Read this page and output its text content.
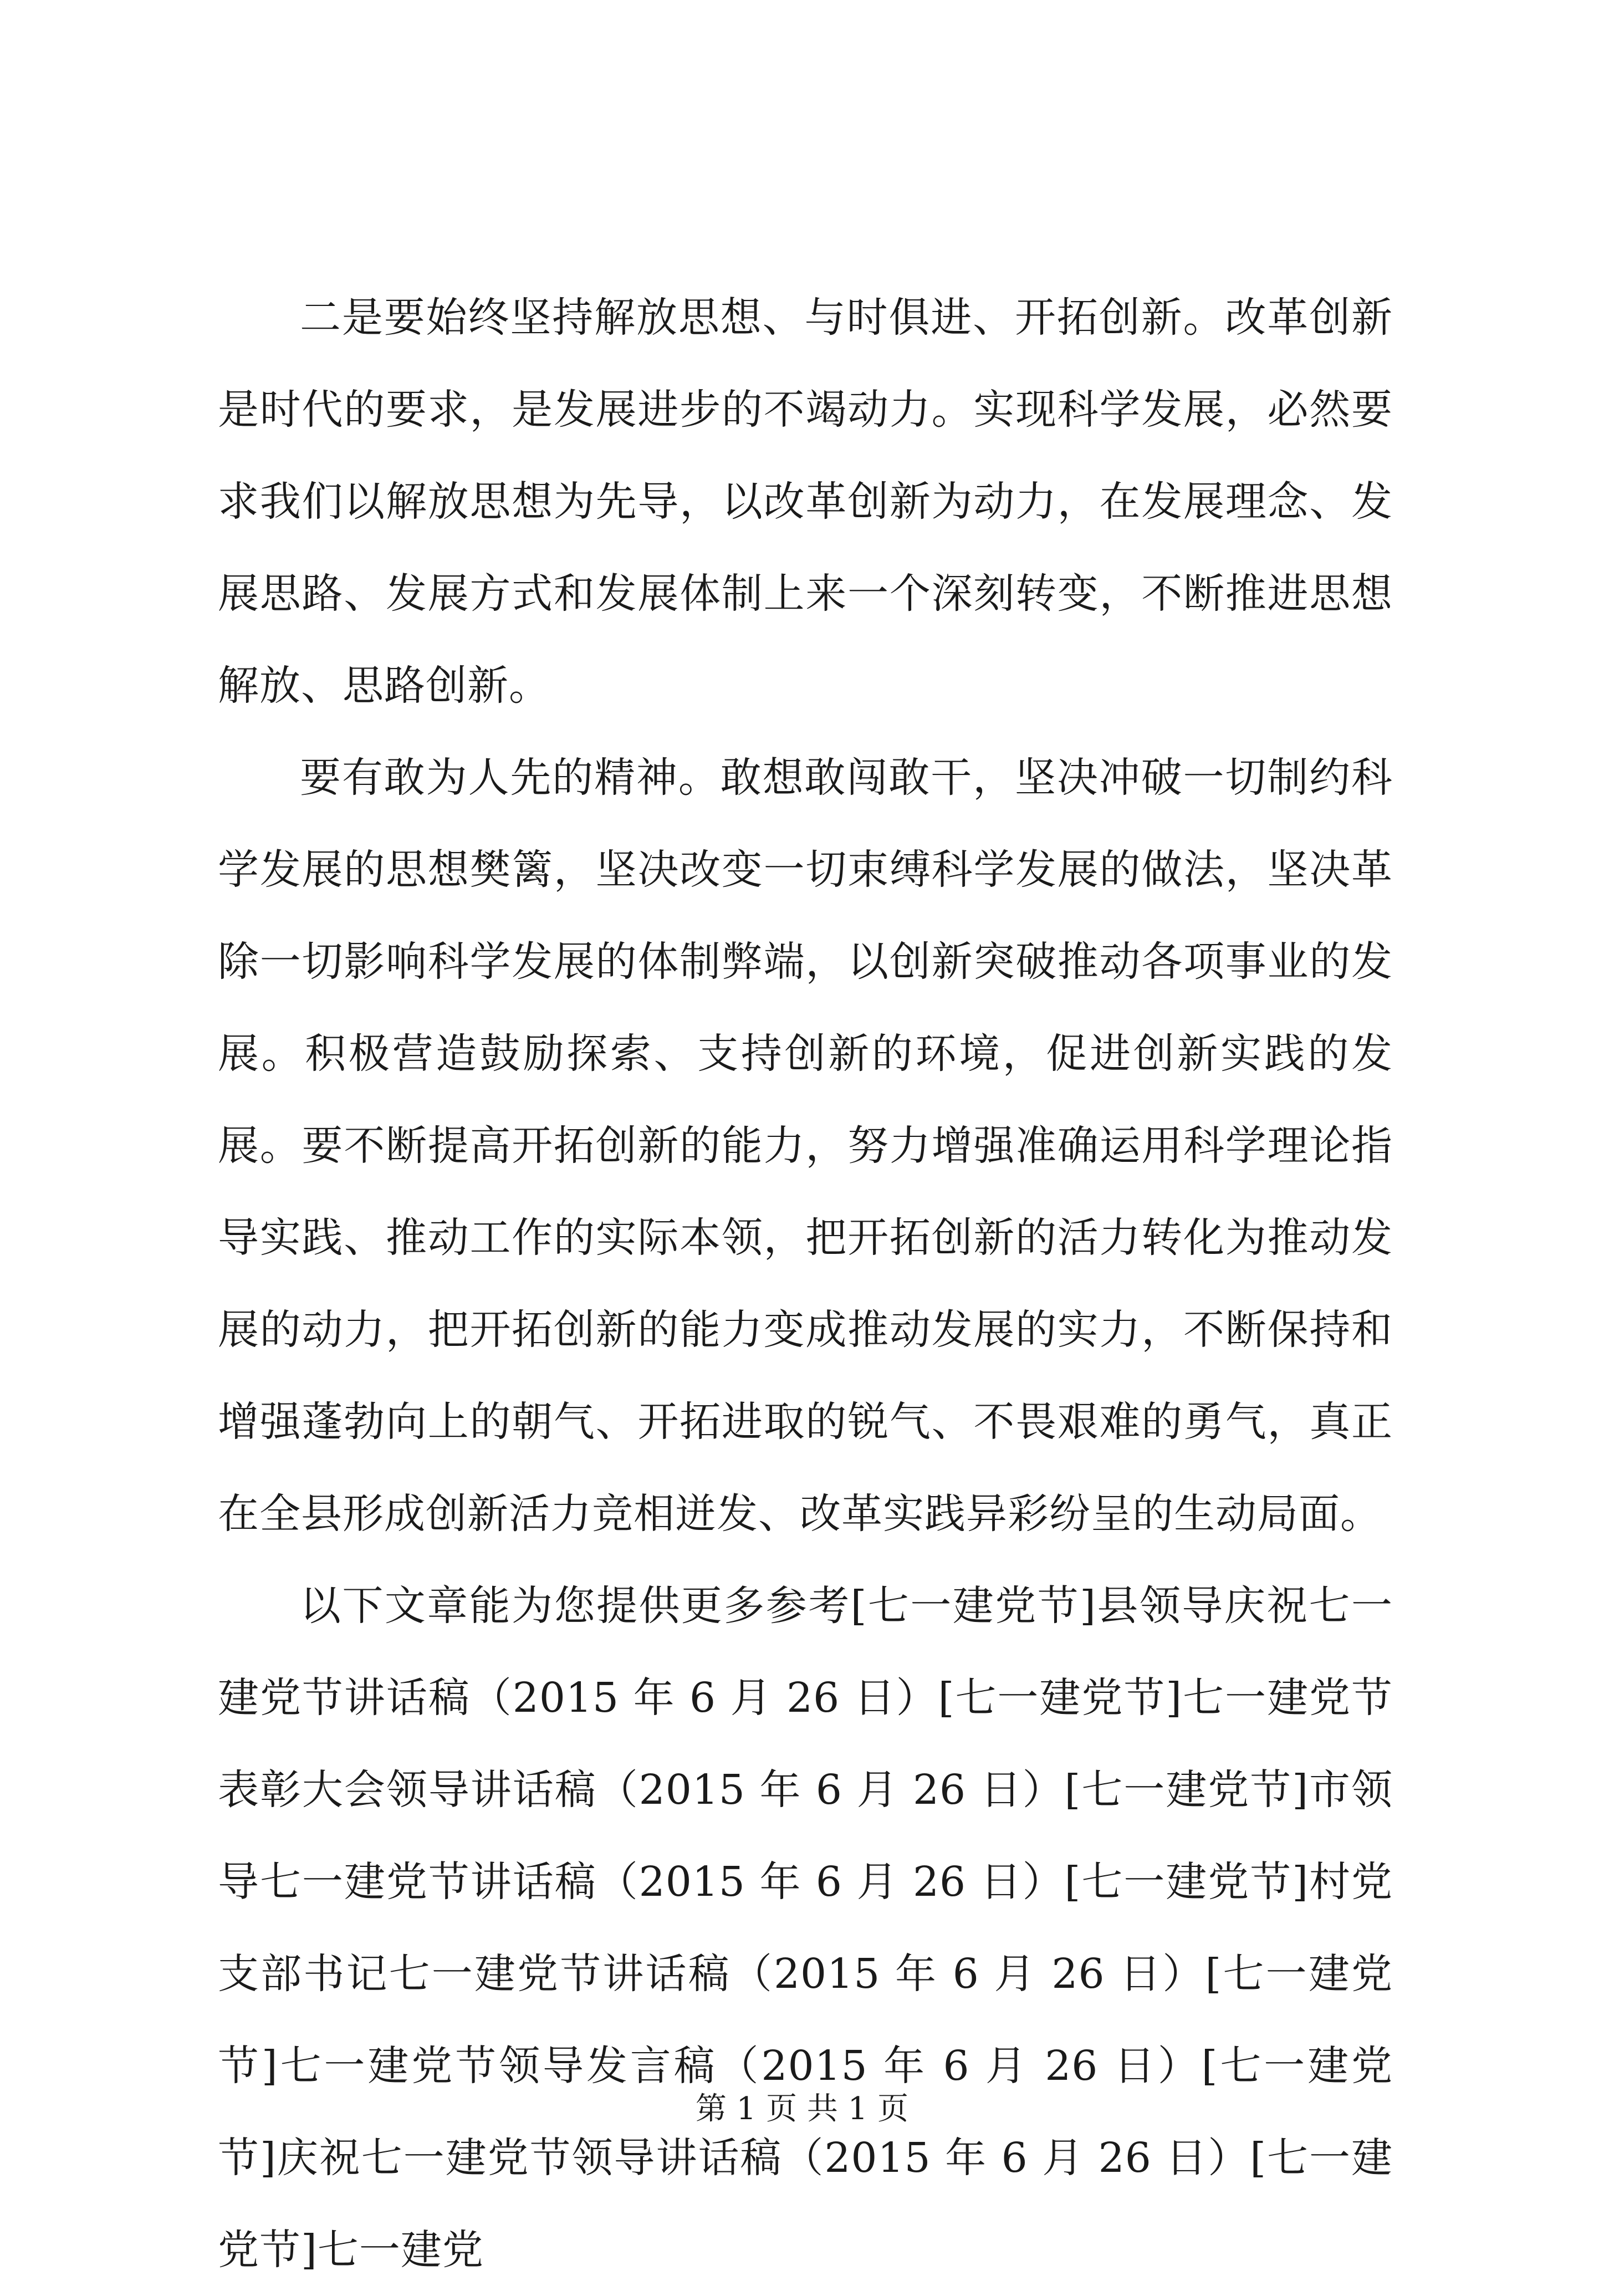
二是要始终坚持解放思想、与时俱进、开拓创新。改革创新是时代的要求，是发展进步的不竭动力。实现科学发展，必然要求我们以解放思想为先导，以改革创新为动力，在发展理念、发展思路、发展方式和发展体制上来一个深刻转变，不断推进思想解放、思路创新。

要有敢为人先的精神。敢想敢闯敢干，坚决冲破一切制约科学发展的思想樊篱，坚决改变一切束缚科学发展的做法，坚决革除一切影响科学发展的体制弊端，以创新突破推动各项事业的发展。积极营造鼓励探索、支持创新的环境，促进创新实践的发展。要不断提高开拓创新的能力，努力增强准确运用科学理论指导实践、推动工作的实际本领，把开拓创新的活力转化为推动发展的动力，把开拓创新的能力变成推动发展的实力，不断保持和增强蓬勃向上的朝气、开拓进取的锐气、不畏艰难的勇气，真正在全县形成创新活力竞相迸发、改革实践异彩纷呈的生动局面。

以下文章能为您提供更多参考[七一建党节]县领导庆祝七一建党节讲话稿（2015 年 6 月 26 日）[七一建党节]七一建党节表彰大会领导讲话稿（2015 年 6 月 26 日）[七一建党节]市领导七一建党节讲话稿（2015 年 6 月 26 日）[七一建党节]村党支部书记七一建党节讲话稿（2015 年 6 月 26 日）[七一建党节]七一建党节领导发言稿（2015 年 6 月 26 日）[七一建党节]庆祝七一建党节领导讲话稿（2015 年 6 月 26 日）[七一建党节]七一建党

第 1 页 共 1 页
